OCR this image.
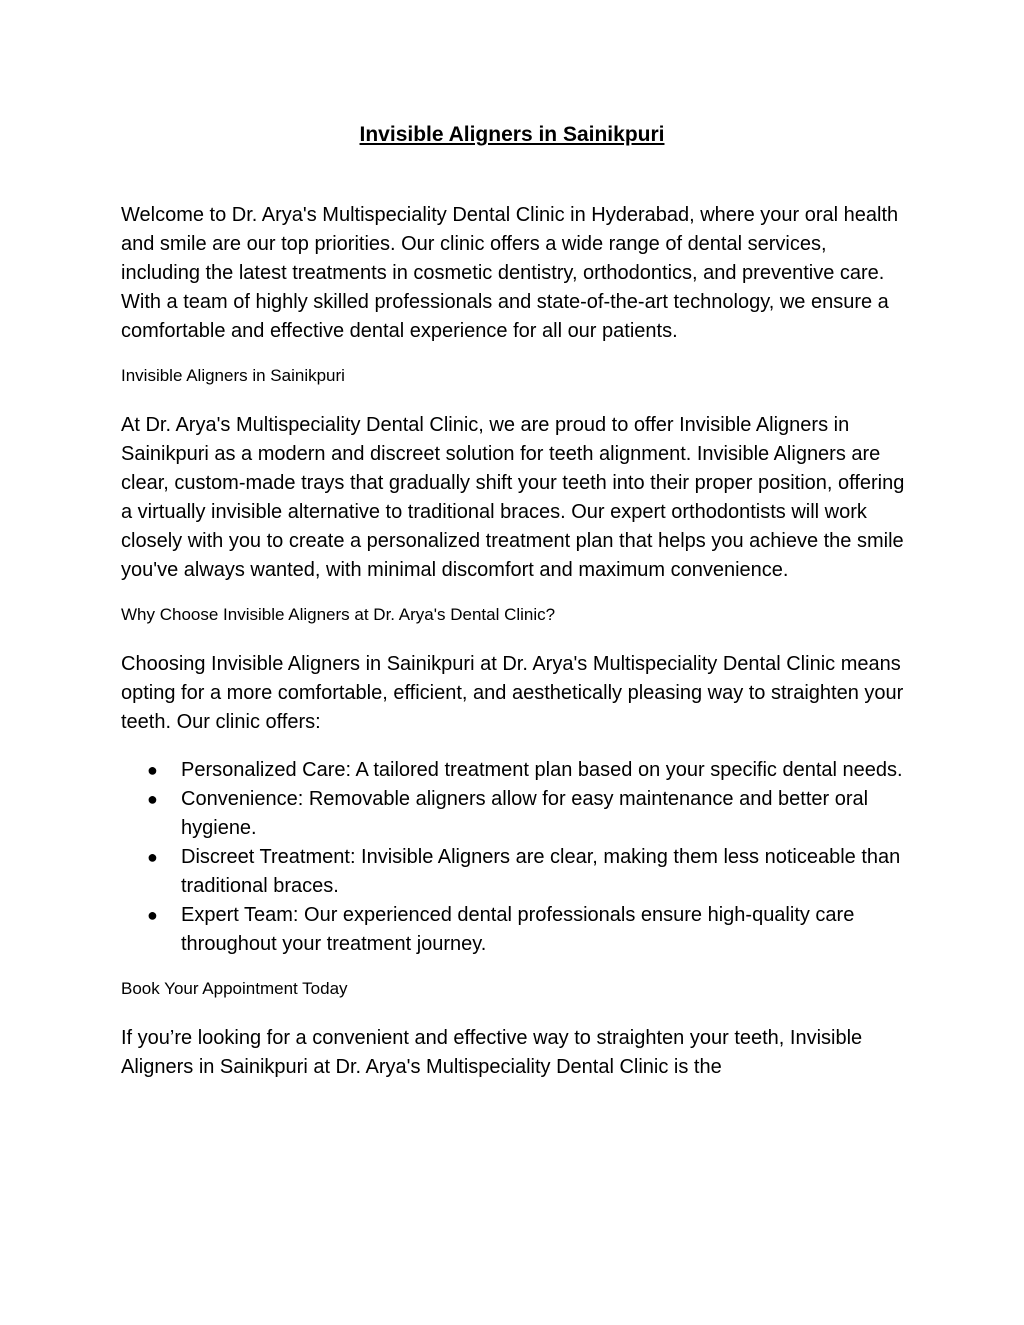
Invisible Aligners in Sainikpuri

Welcome to Dr. Arya's Multispeciality Dental Clinic in Hyderabad, where your oral health and smile are our top priorities. Our clinic offers a wide range of dental services, including the latest treatments in cosmetic dentistry, orthodontics, and preventive care. With a team of highly skilled professionals and state-of-the-art technology, we ensure a comfortable and effective dental experience for all our patients.

Invisible Aligners in Sainikpuri

At Dr. Arya's Multispeciality Dental Clinic, we are proud to offer Invisible Aligners in Sainikpuri as a modern and discreet solution for teeth alignment. Invisible Aligners are clear, custom-made trays that gradually shift your teeth into their proper position, offering a virtually invisible alternative to traditional braces. Our expert orthodontists will work closely with you to create a personalized treatment plan that helps you achieve the smile you've always wanted, with minimal discomfort and maximum convenience.

Why Choose Invisible Aligners at Dr. Arya's Dental Clinic?

Choosing Invisible Aligners in Sainikpuri at Dr. Arya's Multispeciality Dental Clinic means opting for a more comfortable, efficient, and aesthetically pleasing way to straighten your teeth. Our clinic offers:

● Personalized Care: A tailored treatment plan based on your specific dental needs.
● Convenience: Removable aligners allow for easy maintenance and better oral hygiene.
● Discreet Treatment: Invisible Aligners are clear, making them less noticeable than traditional braces.
● Expert Team: Our experienced dental professionals ensure high-quality care throughout your treatment journey.

Book Your Appointment Today

If you’re looking for a convenient and effective way to straighten your teeth, Invisible Aligners in Sainikpuri at Dr. Arya's Multispeciality Dental Clinic is the
